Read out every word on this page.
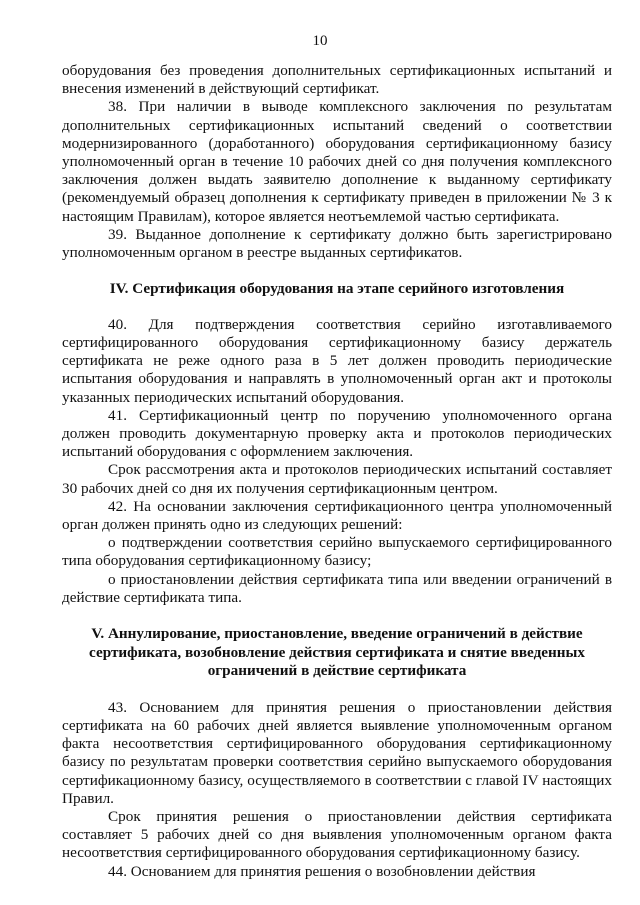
10

оборудования без проведения дополнительных сертификационных испытаний и внесения изменений в действующий сертификат.

38. При наличии в выводе комплексного заключения по результатам дополнительных сертификационных испытаний сведений о соответствии модернизированного (доработанного) оборудования сертификационному базису уполномоченный орган в течение 10 рабочих дней со дня получения комплексного заключения должен выдать заявителю дополнение к выданному сертификату (рекомендуемый образец дополнения к сертификату приведен в приложении № 3 к настоящим Правилам), которое является неотъемлемой частью сертификата.

39. Выданное дополнение к сертификату должно быть зарегистрировано уполномоченным органом в реестре выданных сертификатов.

IV. Сертификация оборудования на этапе серийного изготовления

40. Для подтверждения соответствия серийно изготавливаемого сертифицированного оборудования сертификационному базису держатель сертификата не реже одного раза в 5 лет должен проводить периодические испытания оборудования и направлять в уполномоченный орган акт и протоколы указанных периодических испытаний оборудования.

41. Сертификационный центр по поручению уполномоченного органа должен проводить документарную проверку акта и протоколов периодических испытаний оборудования с оформлением заключения.

Срок рассмотрения акта и протоколов периодических испытаний составляет 30 рабочих дней со дня их получения сертификационным центром.

42. На основании заключения сертификационного центра уполномоченный орган должен принять одно из следующих решений:

о подтверждении соответствия серийно выпускаемого сертифицированного типа оборудования сертификационному базису;

о приостановлении действия сертификата типа или введении ограничений в действие сертификата типа.

V. Аннулирование, приостановление, введение ограничений в действие
сертификата, возобновление действия сертификата и снятие введенных
ограничений в действие сертификата

43. Основанием для принятия решения о приостановлении действия сертификата на 60 рабочих дней является выявление уполномоченным органом факта несоответствия сертифицированного оборудования сертификационному базису по результатам проверки соответствия серийно выпускаемого оборудования сертификационному базису, осуществляемого в соответствии с главой IV настоящих Правил.

Срок принятия решения о приостановлении действия сертификата составляет 5 рабочих дней со дня выявления уполномоченным органом факта несоответствия сертифицированного оборудования сертификационному базису.

44. Основанием для принятия решения о возобновлении действия
